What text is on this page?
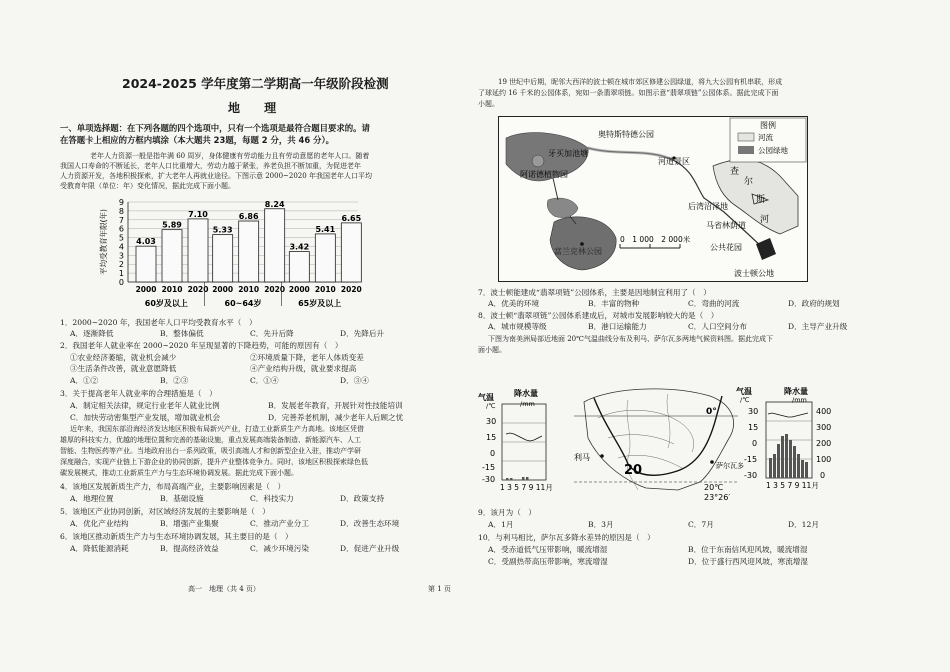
2024-2025 学年度第二学期高一年级阶段检测
地 理
一、单项选择题：在下列各题的四个选项中，只有一个选项是最符合题目要求的。请
在答题卡上相应的方框内填涂（本大题共 23题，每题 2 分，共 46 分）。
老年人力资源一般是指年满 60 周岁，身体健康有劳动能力且有劳动意愿的老年人口。随着
我国人口寿命的不断延长，老年人口比重增大，劳动力越于紧张，养老负担不断加重，为促进老年
人力资源开发，各地积极探索，扩大老年人再就业途径。下图示意 2000~2020 年我国老年人口平均
受教育年限（单位：年）变化情况，据此完成下面小题。
0
1
2
3
4
5
6
7
8
9
平均受教育年限(年)	4.03
2000
5.89
2010
7.10
2020
60岁及以上
5.33
2000
6.86
2010
8.24
2020
60~64岁
3.42
2000
5.41
2010
6.65
2020
65岁及以上
1．2000~2020 年，我国老年人口平均受教育水平（　）
A．逐渐降低	B．整体偏低	C．先升后降	D．先降后升
2．我国老年人就业率在 2000~2020 年呈现显著的下降趋势，可能的原因有（　）
①农业经济萎缩，就业机会减少	②环境质量下降，老年人体质变差
③生活条件改善，就业意愿降低	④产业结构升级，就业要求提高
A．①②	B．②③	C．①④	D．③④
3．关于提高老年人就业率的合理措施是（　）
A．制定相关法律，规定行业老年人就业比例	B．发展老年教育，开展针对性技能培训
C．加快劳动密集型产业发展，增加就业机会	D．完善养老机制，减少老年人后顾之忧
近年来，我国东部沿海经济发达地区积极布局新兴产业，打造工业新质生产力高地。该地区凭借
雄厚的科技实力，优越的地理位置和完善的基础设施，重点发展高端装备制造、新能源汽车、人工
智能、生物医药等产业。当地政府出台一系列政策，吸引高端人才和创新型企业入驻，推动产学研
深度融合，实现产业链上下游企业的协同创新，提升产业整体竞争力。同时，该地区积极探索绿色低
碳发展模式，推动工业新质生产力与生态环境协调发展。据此完成下面小题。
4．该地区发展新质生产力，布局高端产业，主要影响因素是（　）
A．地理位置	B．基础设施	C．科技实力	D．政策支持
5．该地区产业协同创新，对区域经济发展的主要影响是（　）
A．优化产业结构	B．增强产业集聚	C．推动产业分工	D．改善生态环境
6．该地区推动新质生产力与生态环境协调发展，其主要目的是（　）
A．降低能源消耗	B．提高经济效益	C．减少环境污染	D．促进产业升级
高一　地理（共 4 页）	第 1 页
19 世纪中后期，昵邻大西洋的波士顿在城市郊区修建公园绿道，将九大公园有机串联，形成
了球延约 16 千米的公园体系，宛如一条翡翠项链。如图示意“翡翠项链”公园体系。据此完成下面
小题。
图例
河流
公园绿地
奥特斯特德公园
牙买加池塘
阿诺德植物园
河道景区
后湾沼泽地
马省林荫道
富兰克林公园	公共花园
波士顿公地
查
尔
斯
河
0　1 000　2 000米
7．波士顿能建成“翡翠项链”公园体系，主要是因地制宜利用了（　）
A．优美的环境	B．丰富的物种	C．弯曲的河流	D．政府的规划
8．波士顿“翡翠项链”公园体系建成后，对城市发展影响较大的是（　）
A．城市规模等级	B．港口运输能力	C．人口空间分布	D．主导产业升级
下图为南美洲局部近地面 20℃气温曲线分布及利马、萨尔瓦多两地气候资料图。据此完成下
面小题。
气温
/℃
降水量
/mm
30
15
0
-15
-30
1 3 5 7 9 11月
0°
利马
20
20℃
萨尔瓦多
23°26′
气温
/℃
降水量
/mm
30
15
0
-15
-30
400
300
200
100
0
1 3 5 7 9 11月
9．该月为（　）
A．1月	B．3月	C．7月	D．12月
10．与利马相比，萨尔瓦多降水差异的原因是（　）
A．受赤道低气压带影响，暖流增湿	B．位于东南信风迎风坡，暖流增湿
C．受副热带高压带影响，寒流增湿	D．位于盛行西风迎风坡，寒流增湿
